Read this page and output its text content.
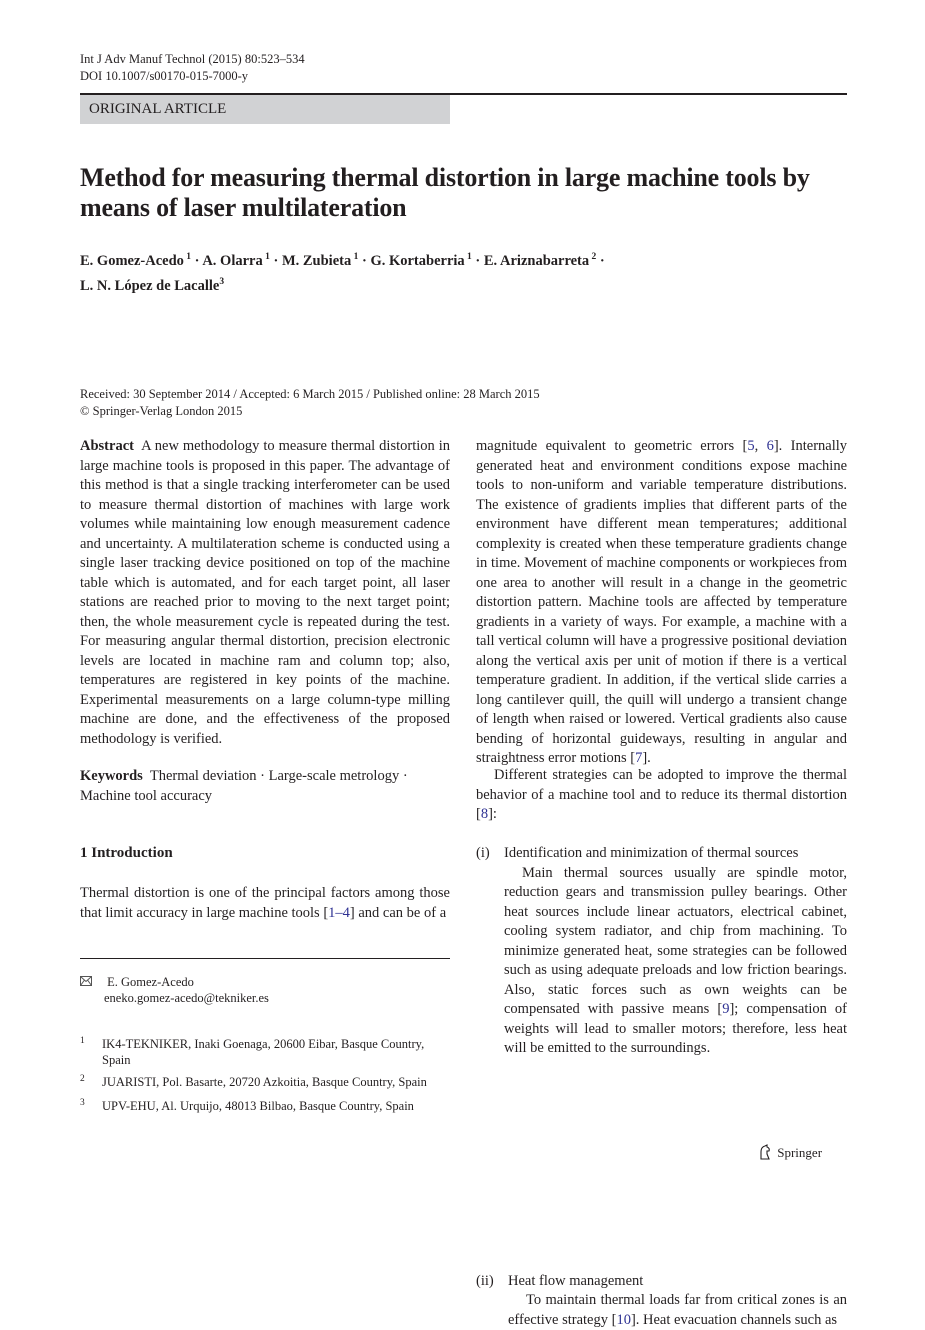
Int J Adv Manuf Technol (2015) 80:523–534
DOI 10.1007/s00170-015-7000-y
ORIGINAL ARTICLE
Method for measuring thermal distortion in large machine tools by means of laser multilateration
E. Gomez-Acedo $^1$ · A. Olarra $^1$ · M. Zubieta $^1$ · G. Kortaberria $^1$ · E. Ariznabarreta $^2$ ·
L. N. López de Lacalle$^3$
Received: 30 September 2014 / Accepted: 6 March 2015 / Published online: 28 March 2015
© Springer-Verlag London 2015
Abstract A new methodology to measure thermal distortion in large machine tools is proposed in this paper. The advantage of this method is that a single tracking interferometer can be used to measure thermal distortion of machines with large work volumes while maintaining low enough measurement cadence and uncertainty. A multilateration scheme is conducted using a single laser tracking device positioned on top of the machine table which is automated, and for each target point, all laser stations are reached prior to moving to the next target point; then, the whole measurement cycle is repeated during the test. For measuring angular thermal distortion, precision electronic levels are located in machine ram and column top; also, temperatures are registered in key points of the machine. Experimental measurements on a large column-type milling machine are done, and the effectiveness of the proposed methodology is verified.
Keywords Thermal deviation · Large-scale metrology · Machine tool accuracy
1 Introduction
Thermal distortion is one of the principal factors among those that limit accuracy in large machine tools [1–4] and can be of a
E. Gomez-Acedo
eneko.gomez-acedo@tekniker.es
1 IK4-TEKNIKER, Inaki Goenaga, 20600 Eibar, Basque Country, Spain
2 JUARISTI, Pol. Basarte, 20720 Azkoitia, Basque Country, Spain
3 UPV-EHU, Al. Urquijo, 48013 Bilbao, Basque Country, Spain
magnitude equivalent to geometric errors [5, 6]. Internally generated heat and environment conditions expose machine tools to non-uniform and variable temperature distributions. The existence of gradients implies that different parts of the environment have different mean temperatures; additional complexity is created when these temperature gradients change in time. Movement of machine components or workpieces from one area to another will result in a change in the geometric distortion pattern. Machine tools are affected by temperature gradients in a variety of ways. For example, a machine with a tall vertical column will have a progressive positional deviation along the vertical axis per unit of motion if there is a vertical temperature gradient. In addition, if the vertical slide carries a long cantilever quill, the quill will undergo a transient change of length when raised or lowered. Vertical gradients also cause bending of horizontal guideways, resulting in angular and straightness error motions [7].
Different strategies can be adopted to improve the thermal behavior of a machine tool and to reduce its thermal distortion [8]:
(i) Identification and minimization of thermal sources
Main thermal sources usually are spindle motor, reduction gears and transmission pulley bearings. Other heat sources include linear actuators, electrical cabinet, cooling system radiator, and chip from machining. To minimize generated heat, some strategies can be followed such as using adequate preloads and low friction bearings. Also, static forces such as own weights can be compensated with passive means [9]; compensation of weights will lead to smaller motors; therefore, less heat will be emitted to the surroundings.
(ii) Heat flow management
To maintain thermal loads far from critical zones is an effective strategy [10]. Heat evacuation channels such as
Springer
